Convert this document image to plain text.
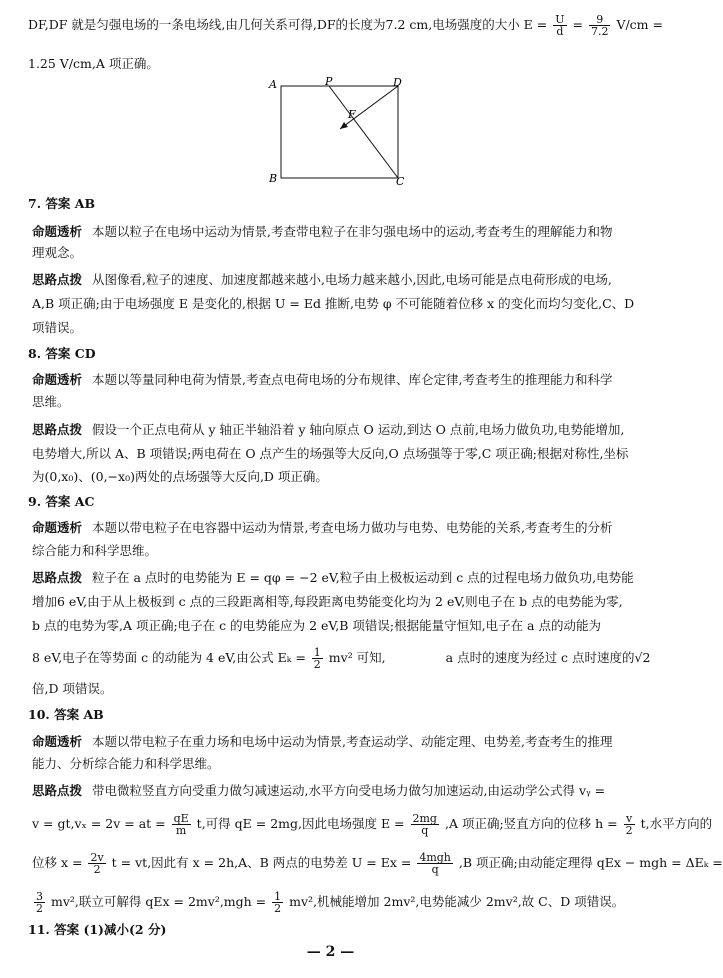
DF,DF 就是匀强电场的一条电场线,由几何关系可得,DF的长度为7.2 cm,电场强度的大小 $E = \frac{U}{d} = \frac{9}{7.2} V/cm$ =
1.25 V/cm,A 项正确。
A
B	C
D
P
F
7. 答案 AB
命题透析 本题以粒子在电场中运动为情景,考查带电粒子在非匀强电场中的运动,考查考生的理解能力和物
理观念。
思路点拨 从图像看,粒子的速度、加速度都越来越小,电场力越来越小,因此,电场可能是点电荷形成的电场,
A,B 项正确;由于电场强度 E 是变化的,根据 U = Ed 推断,电势 φ 不可能随着位移 x 的变化而均匀变化,C、D
项错误。
8. 答案 CD
命题透析 本题以等量同种电荷为情景,考查点电荷电场的分布规律、库仑定律,考查考生的推理能力和科学
思维。
思路点拨 假设一个正点电荷从 y 轴正半轴沿着 y 轴向原点 O 运动,到达 O 点前,电场力做负功,电势能增加,
电势增大,所以 A、B 项错误;两电荷在 O 点产生的场强等大反向,O 点场强等于零,C 项正确;根据对称性,坐标
为(0,x₀)、(0,−x₀)两处的点场强等大反向,D 项正确。
9. 答案 AC
命题透析 本题以带电粒子在电容器中运动为情景,考查电场力做功与电势、电势能的关系,考查考生的分析
综合能力和科学思维。
思路点拨 粒子在 a 点时的电势能为 E = qφ = −2 eV,粒子由上极板运动到 c 点的过程电场力做负功,电势能
增加6 eV,由于从上极板到 c 点的三段距离相等,每段距离电势能变化均为 2 eV,则电子在 b 点的电势能为零,
b 点的电势为零,A 项正确;电子在 c 的电势能应为 2 eV,B 项错误;根据能量守恒知,电子在 a 点的动能为
8 eV,电子在等势面 c 的动能为 4 eV,由公式 $E_k = \frac{1}{2} mv^2$ 可知,	a 点时的速度为经过 c 点时速度的√2
倍,D 项错误。
10. 答案 AB
命题透析 本题以带电粒子在重力场和电场中运动为情景,考查运动学、动能定理、电势差,考查考生的推理
能力、分析综合能力和科学思维。
思路点拨 带电微粒竖直方向受重力做匀减速运动,水平方向受电场力做匀加速运动,由运动学公式得 vᵧ =
v = gt,vₓ = 2v = at = $\frac{qE}{m} t$,可得 qE = 2mg,因此电场强度 $E = \frac{2mg}{q} ,A$ 项正确;竖直方向的位移 $h = \frac{v}{2} t$,水平方向的
位移 $x = \frac{2v}{2}$ t = vt,因此有 x = 2h,A、B 两点的电势差 $U = Ex = \frac{\text{4mgh}}{q} ,B$ 项正确;由动能定理得 qEx − mgh = ΔEₖ =
$\frac{3}{2} mv^2$,联立可解得 qEx = $2mv^2,mgh = \frac{1}{2} mv^2$,机械能增加 2mv²,电势能减少 2mv²,故 C、D 项错误。
11. 答案 (1)减小(2 分)
— 2 —
